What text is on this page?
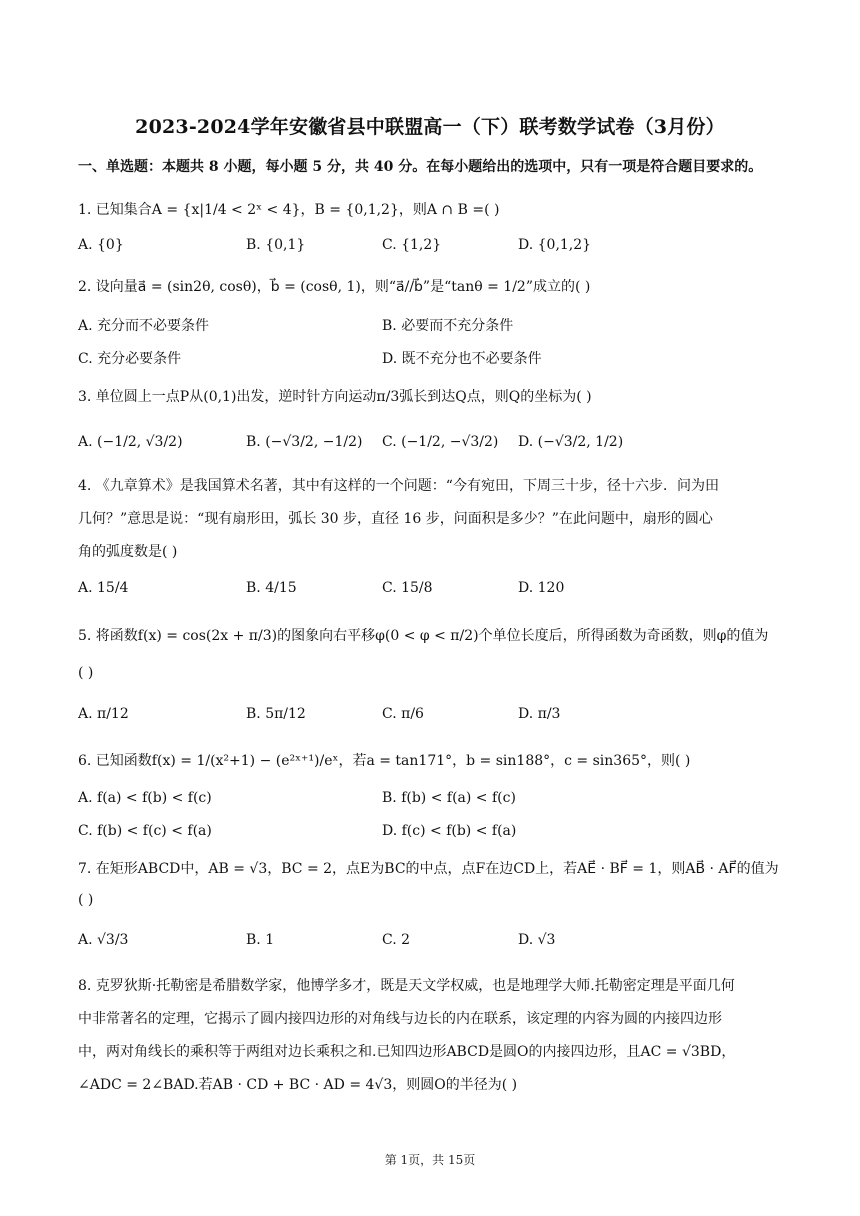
2023-2024学年安徽省县中联盟高一（下）联考数学试卷（3月份）
一、单选题：本题共 8 小题，每小题 5 分，共 40 分。在每小题给出的选项中，只有一项是符合题目要求的。
1. 已知集合A = {x|1/4 < 2ˣ < 4}，B = {0,1,2}，则A ∩ B =( )
A. {0}	B. {0,1}	C. {1,2}	D. {0,1,2}
2. 设向量a⃗ = (sin2θ, cosθ)，b⃗ = (cosθ, 1)，则“a⃗//b⃗”是“tanθ = 1/2”成立的( )
A. 充分而不必要条件	B. 必要而不充分条件
C. 充分必要条件	D. 既不充分也不必要条件
3. 单位圆上一点P从(0,1)出发，逆时针方向运动π/3弧长到达Q点，则Q的坐标为( )
A. (−1/2, √3/2)	B. (−√3/2, −1/2) C. (−1/2, −√3/2) D. (−√3/2, 1/2)
4. 《九章算术》是我国算术名著，其中有这样的一个问题：“今有宛田，下周三十步，径十六步．问为田
几何？”意思是说：“现有扇形田，弧长 30 步，直径 16 步，问面积是多少？”在此问题中，扇形的圆心
角的弧度数是( )
A. 15/4	B. 4/15	C. 15/8	D. 120
5. 将函数f(x) = cos(2x + π/3)的图象向右平移φ(0 < φ < π/2)个单位长度后，所得函数为奇函数，则φ的值为
( )
A. π/12	B. 5π/12	C. π/6	D. π/3
6. 已知函数f(x) = 1/(x²+1) − (e²ˣ⁺¹)/eˣ，若a = tan171°，b = sin188°，c = sin365°，则( )
A. f(a) < f(b) < f(c)	B. f(b) < f(a) < f(c)
C. f(b) < f(c) < f(a)	D. f(c) < f(b) < f(a)
7. 在矩形ABCD中，AB = √3，BC = 2，点E为BC的中点，点F在边CD上，若AE⃗ · BF⃗ = 1，则AB⃗ · AF⃗的值为
( )
A. √3/3	B. 1	C. 2	D. √3
8. 克罗狄斯·托勒密是希腊数学家，他博学多才，既是天文学权威，也是地理学大师.托勒密定理是平面几何
中非常著名的定理，它揭示了圆内接四边形的对角线与边长的内在联系，该定理的内容为圆的内接四边形
中，两对角线长的乘积等于两组对边长乘积之和.已知四边形ABCD是圆O的内接四边形，且AC = √3BD，
∠ADC = 2∠BAD.若AB · CD + BC · AD = 4√3，则圆O的半径为( )
第 1页，共 15页
